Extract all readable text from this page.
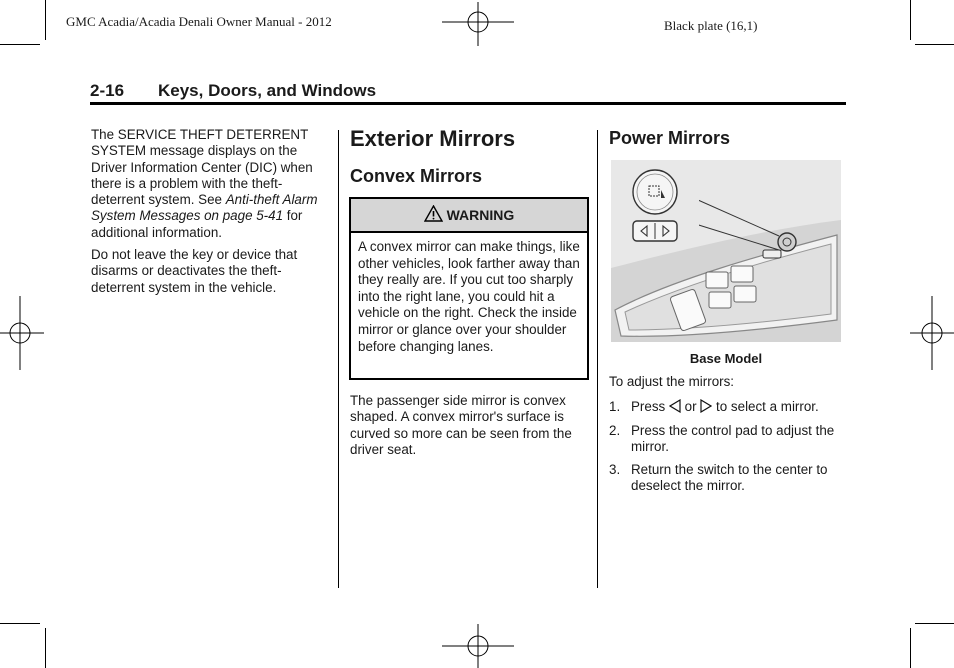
GMC Acadia/Acadia Denali Owner Manual - 2012	Black plate (16,1)
2-16 Keys, Doors, and Windows

The SERVICE THEFT DETERRENT SYSTEM message displays on the Driver Information Center (DIC) when there is a problem with the theft-deterrent system. See Anti-theft Alarm System Messages on page 5-41 for additional information.

Do not leave the key or device that disarms or deactivates the theft-deterrent system in the vehicle.

Exterior Mirrors
Convex Mirrors
WARNING
A convex mirror can make things, like other vehicles, look farther away than they really are. If you cut too sharply into the right lane, you could hit a vehicle on the right. Check the inside mirror or glance over your shoulder before changing lanes.
The passenger side mirror is convex shaped. A convex mirror's surface is curved so more can be seen from the driver seat.
Power Mirrors
Base Model

To adjust the mirrors:

1. Press  or  to select a mirror.
2. Press the control pad to adjust the mirror.
3. Return the switch to the center to deselect the mirror.
